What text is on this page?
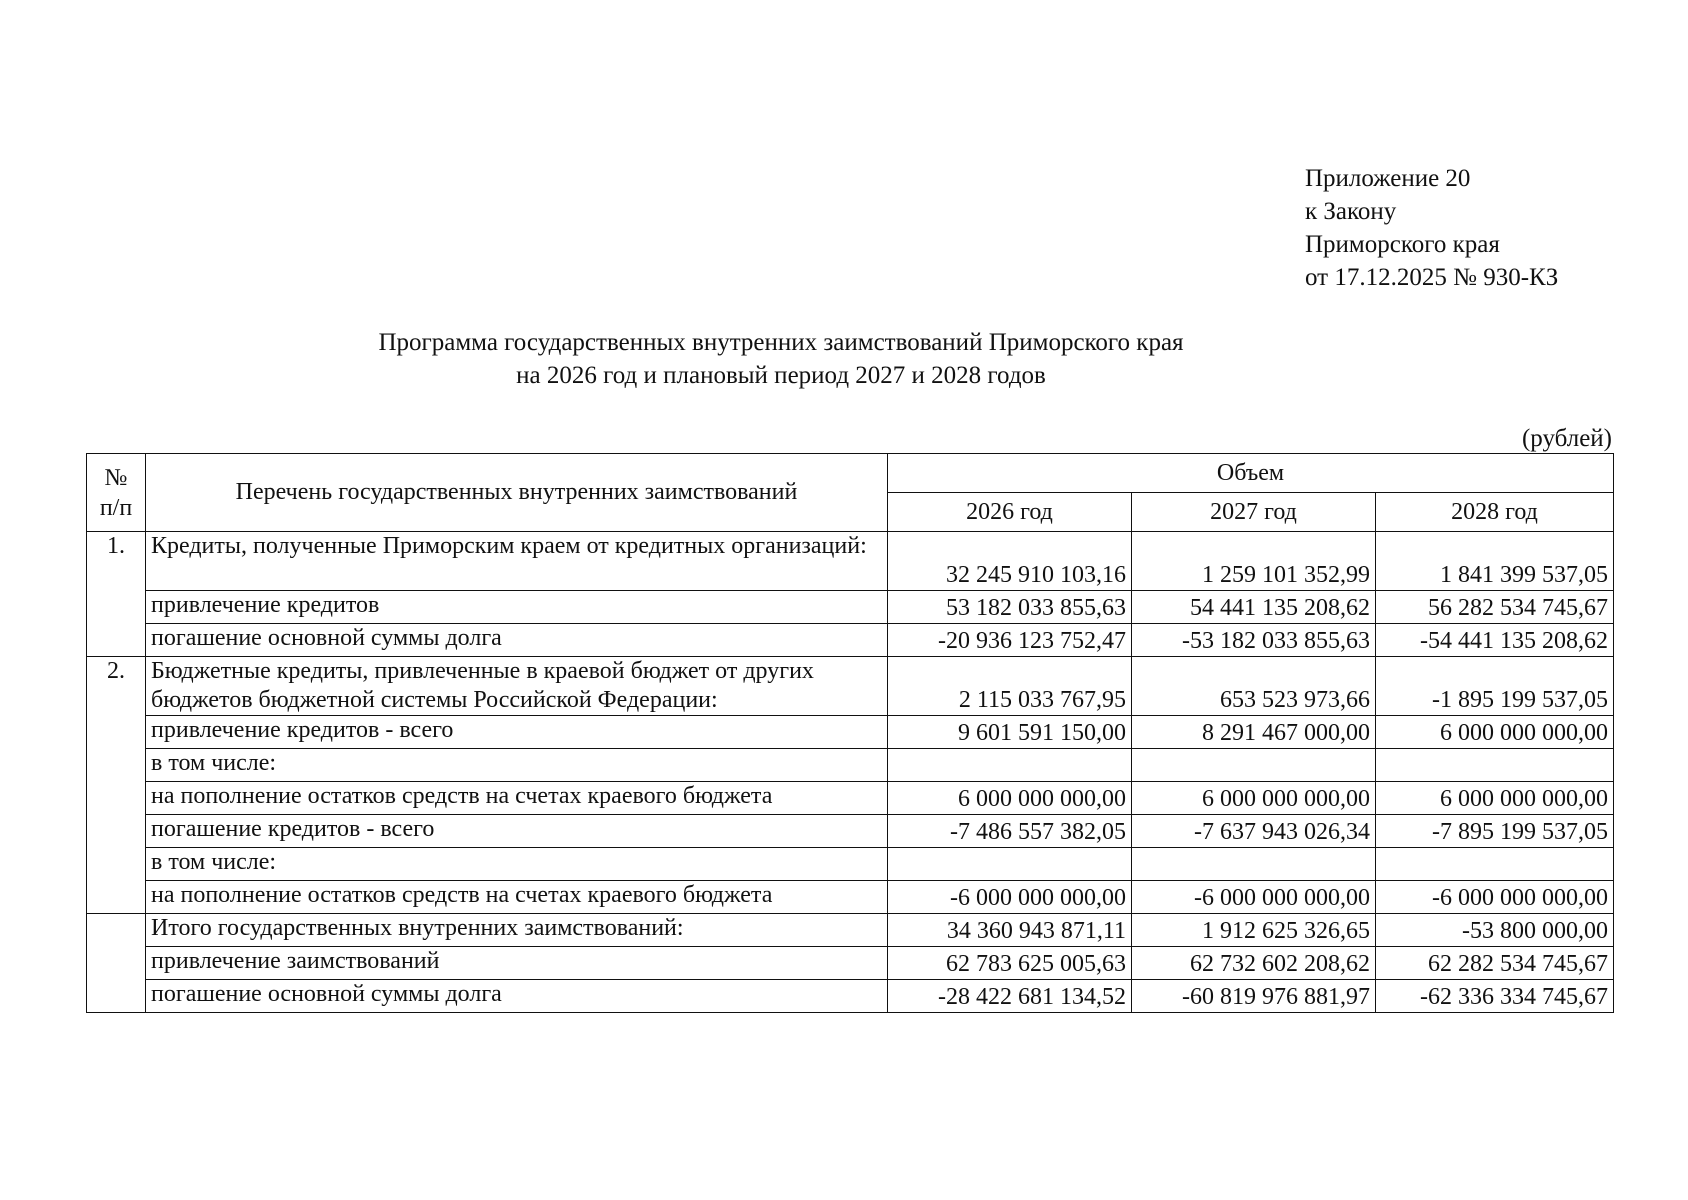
Приложение 20
к Закону
Приморского края
от 17.12.2025 № 930-КЗ
Программа государственных внутренних заимствований Приморского края
на 2026 год и плановый период 2027 и 2028 годов
(рублей)
№ п/п	Перечень государственных внутренних заимствований	Объем		
		2026 год	2027 год	2028 год
1.	Кредиты, полученные Приморским краем от кредитных организаций:	32 245 910 103,16	1 259 101 352,99	1 841 399 537,05
	привлечение кредитов	53 182 033 855,63	54 441 135 208,62	56 282 534 745,67
	погашение основной суммы долга	-20 936 123 752,47	-53 182 033 855,63	-54 441 135 208,62
2.	Бюджетные кредиты, привлеченные в краевой бюджет от других бюджетов бюджетной системы Российской Федерации:	2 115 033 767,95	653 523 973,66	-1 895 199 537,05
	привлечение кредитов - всего	9 601 591 150,00	8 291 467 000,00	6 000 000 000,00
	в том числе:			
	на пополнение остатков средств на счетах краевого бюджета	6 000 000 000,00	6 000 000 000,00	6 000 000 000,00
	погашение кредитов - всего	-7 486 557 382,05	-7 637 943 026,34	-7 895 199 537,05
	в том числе:			
	на пополнение остатков средств на счетах краевого бюджета	-6 000 000 000,00	-6 000 000 000,00	-6 000 000 000,00
	Итого государственных внутренних заимствований:	34 360 943 871,11	1 912 625 326,65	-53 800 000,00
	привлечение заимствований	62 783 625 005,63	62 732 602 208,62	62 282 534 745,67
	погашение основной суммы долга	-28 422 681 134,52	-60 819 976 881,97	-62 336 334 745,67
